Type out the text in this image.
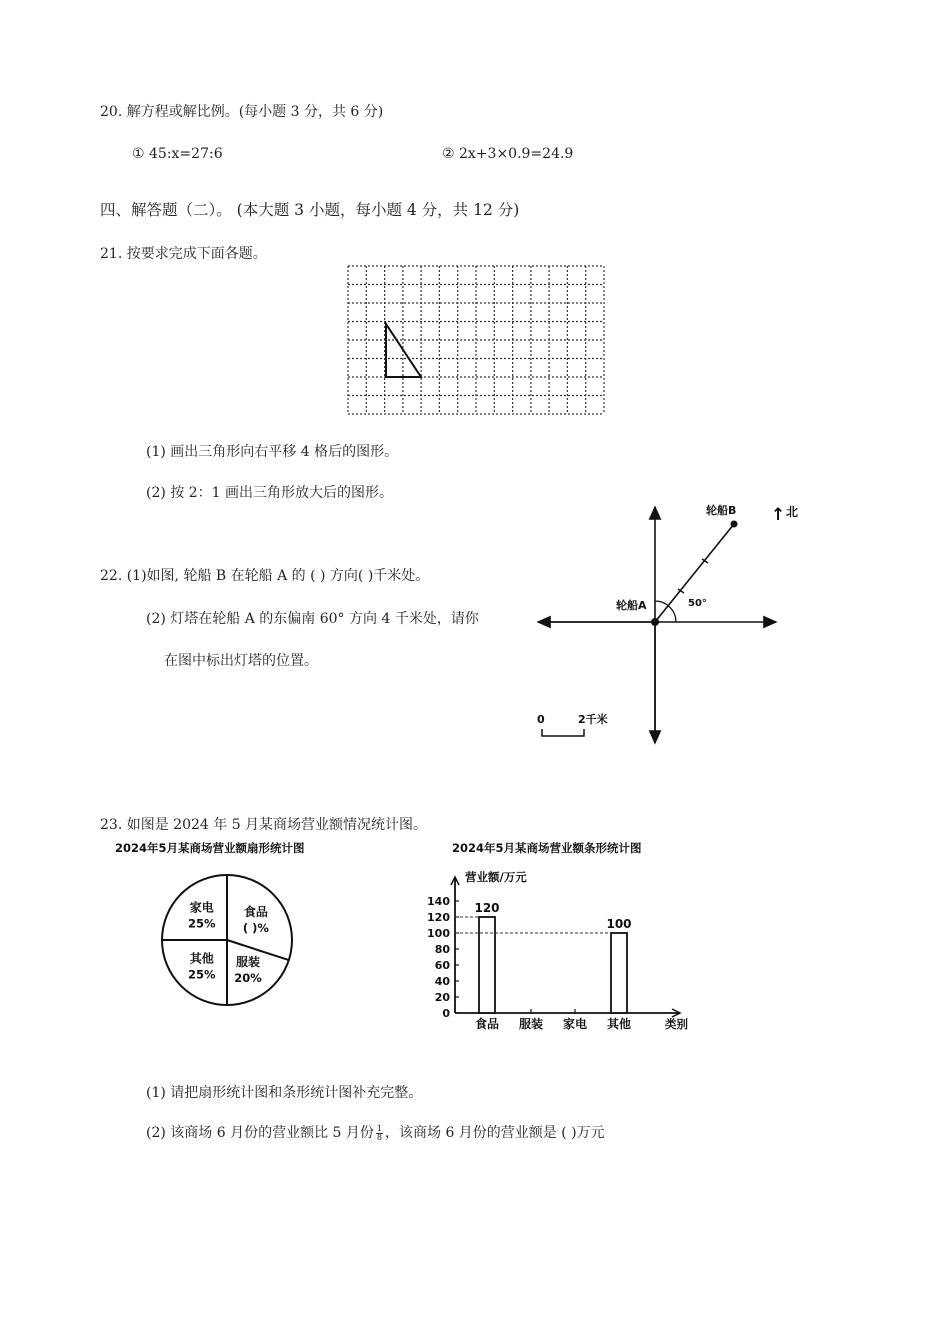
20. 解方程或解比例。(每小题 3 分，共 6 分)
① 45:x=27:6	② 2x+3×0.9=24.9
四、解答题（二）。 (本大题 3 小题，每小题 4 分，共 12 分)
21. 按要求完成下面各题。
(1) 画出三角形向右平移 4 格后的图形。
(2) 按 2：1 画出三角形放大后的图形。
22. (1)如图, 轮船 B 在轮船 A 的 ( ) 方向( )千米处。
(2) 灯塔在轮船 A 的东偏南 60° 方向 4 千米处，请你
在图中标出灯塔的位置。
轮船B
轮船A	50°
↑ 北
0	2千米
23. 如图是 2024 年 5 月某商场营业额情况统计图。
2024年5月某商场营业额扇形统计图
食品
( )%
服装
20%
其他
25%
家电
25%
2024年5月某商场营业额条形统计图
营业额/万元
类别
0
20
40
60
80
100
120
140
食品
120
服装 家电 其他
100
(1) 请把扇形统计图和条形统计图补充完整。
(2) 该商场 6 月份的营业额比 5 月份 $\frac{1}{8}$ ，该商场 6 月份的营业额是 ( )万元
